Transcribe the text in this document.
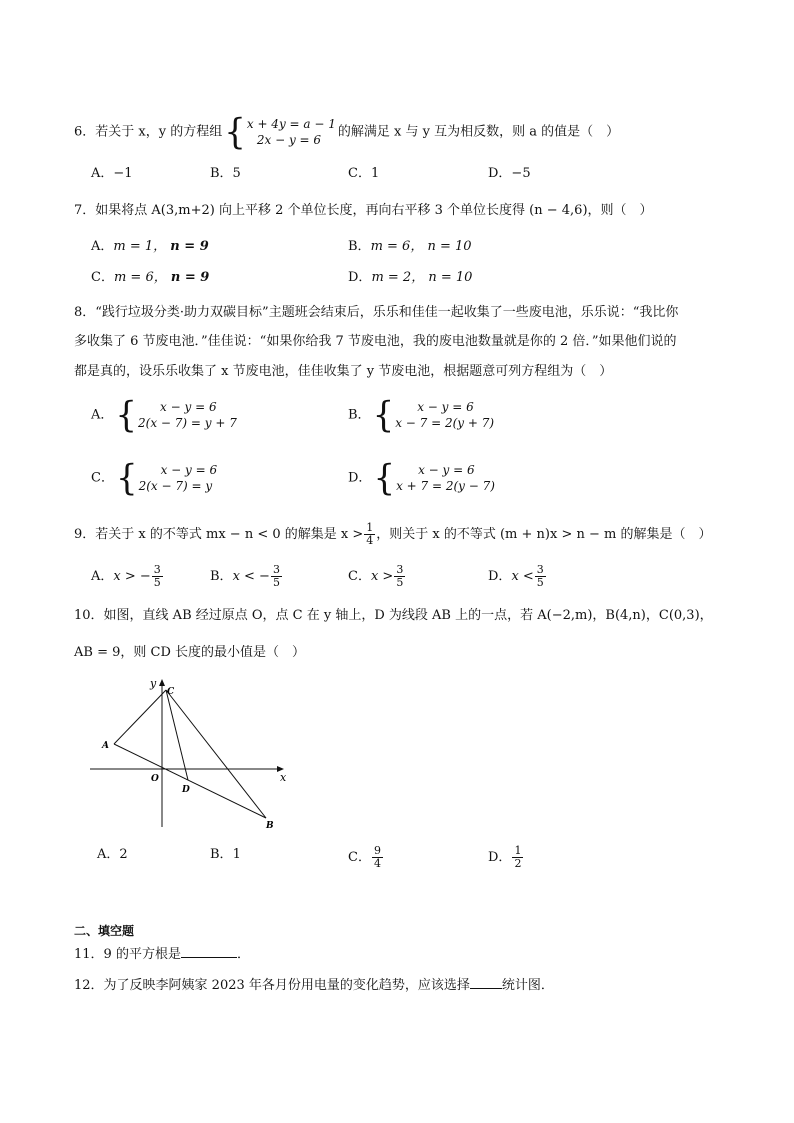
6．若关于 x，y 的方程组 { x + 4y = a − 1
2x − y = 6
的解满足 x 与 y 互为相反数，则 a 的值是（　）
A．−1	B．5	C．1	D．−5
7．如果将点 A(3,m+2) 向上平移 2 个单位长度，再向右平移 3 个单位长度得 (n − 4,6)，则（　）
A．m = 1， n = 9	B．m = 6， n = 10
C．m = 6， n = 9	D．m = 2， n = 10
8．“践行垃圾分类·助力双碳目标”主题班会结束后，乐乐和佳佳一起收集了一些废电池，乐乐说：“我比你
多收集了 6 节废电池．”佳佳说：“如果你给我 7 节废电池，我的废电池数量就是你的 2 倍．”如果他们说的
都是真的，设乐乐收集了 x 节废电池，佳佳收集了 y 节废电池，根据题意可列方程组为（　）
A． {	x − y = 6
2(x − 7) = y + 7
B． {	x − y = 6
x − 7 = 2(y + 7)
C． {	x − y = 6
2(x − 7) = y
D． {	x − y = 6
x + 7 = 2(y − 7)
9．若关于 x 的不等式 mx − n < 0 的解集是 $x > \frac{1}{4}$ ，则关于 x 的不等式 (m + n)x > n − m 的解集是（　）
A．x > − $\frac{3}{5}$	B．x < − $\frac{3}{5}$	C．$x > \frac{3}{5}$	D．$x < \frac{3}{5}$
10．如图，直线 AB 经过原点 O，点 C 在 y 轴上，D 为线段 AB 上的一点，若 A(−2,m)，B(4,n)，C(0,3)，
AB = 9，则 CD 长度的最小值是（　）
y
C
A
O
D
x
B
A．2	B．1	C． $\frac{9}{4}$	D． $\frac{1}{2}$
二、填空题
11．9 的平方根是	．
12．为了反映李阿姨家 2023 年各月份用电量的变化趋势，应该选择 统计图．
